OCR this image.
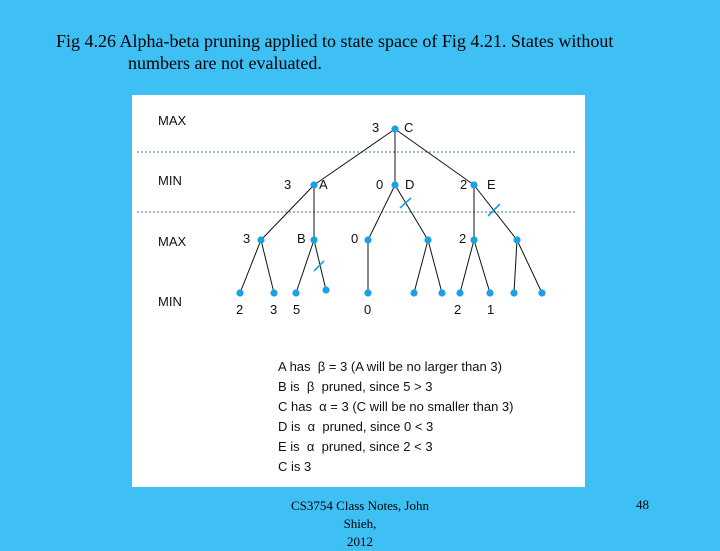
Fig 4.26 Alpha-beta pruning applied to state space of Fig 4.21. States without
numbers are not evaluated.
MAX
MIN
MAX
MIN
3 C
3 A	0 D	2 E
3	B	0	2
2 3 5	0	2 1
A has  β = 3 (A will be no larger than 3)
B is  β  pruned, since 5 > 3
C has  α = 3 (C will be no smaller than 3)
D is  α  pruned, since 0 < 3
E is  α  pruned, since 2 < 3
C is 3
CS3754 Class Notes, John Shieh,
2012
48
